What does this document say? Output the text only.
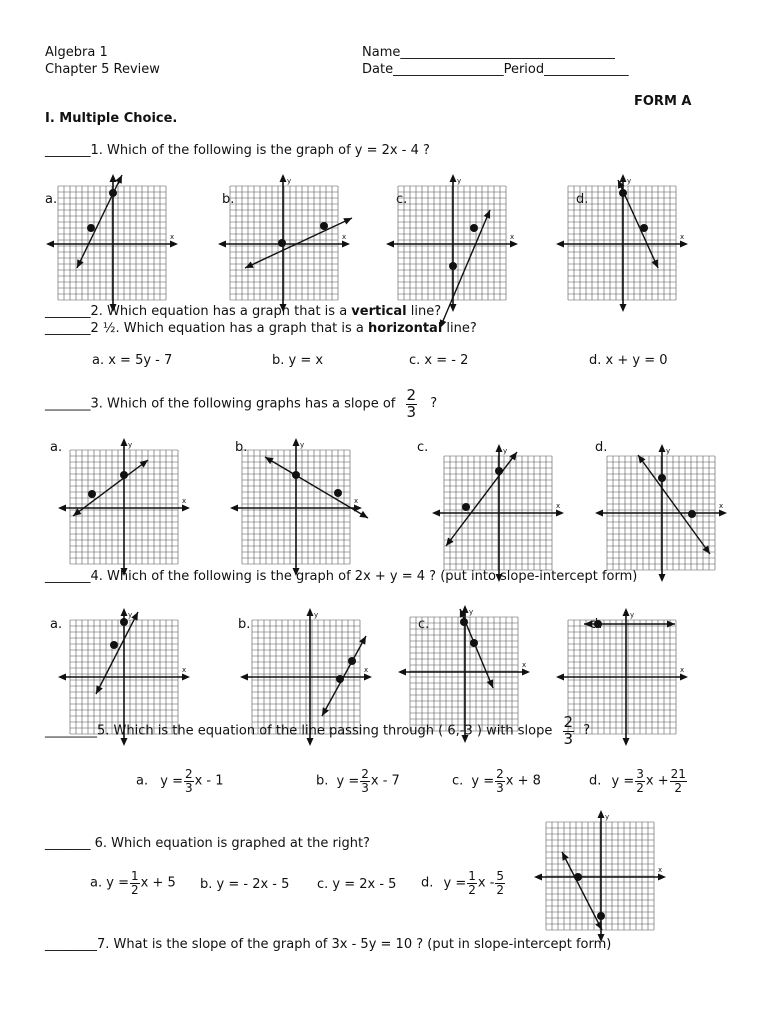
Algebra 1
Chapter 5 Review
Name_________________________________
Date_________________Period_____________
FORM A
I. Multiple Choice.
_______1. Which of the following is the graph of y = 2x - 4 ?
a.	b.	c.	d.
x	x
y
x
y
x
y
_______2. Which equation has a graph that is a vertical line?
_______2 ½. Which equation has a graph that is a horizontal line?
a. x = 5y - 7	b. y = x	c. x = - 2	d. x + y = 0
_______3. Which of the following graphs has a slope of $\frac{2}{3}$ ?
a.	b.	c.	d.
x
y
x
y
x
y
x
y
_______4. Which of the following is the graph of 2x + y = 4 ? (put into slope-intercept form)
a.	b.	c.
x
y
x
y
x
y
x
y
________5. Which is the equation of the line passing through ( 6,-3 ) with slope $\frac{2}{3}$ ?
a. $y = \frac{2}{3}$ x - 1	b. $y = \frac{2}{3}$ x - 7	c. $y = \frac{2}{3}$ x + 8	d. $y = \frac{3}{2}$ $x + \frac{21}{2}$
_______ 6. Which equation is graphed at the right?
a. $y = \frac{1}{2}$ x + 5 b. y = - 2x - 5 c. y = 2x - 5 d. $y = \frac{1}{2}$ x - $\frac{5}{2}$	x
y
________7. What is the slope of the graph of 3x - 5y = 10 ? (put in slope-intercept form)
